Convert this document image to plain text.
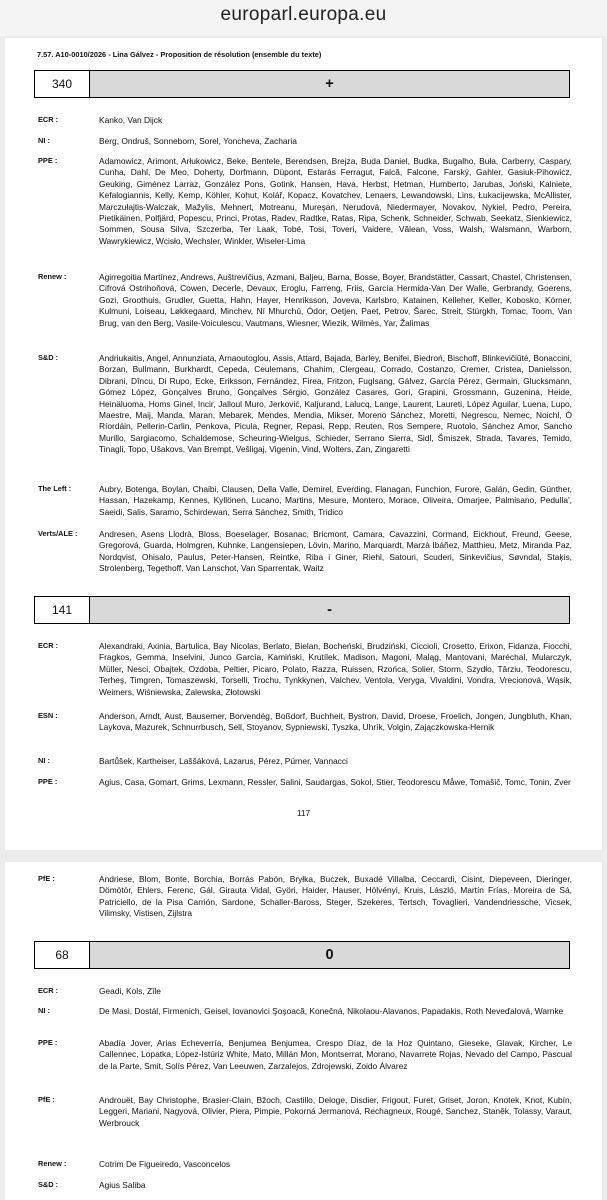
europarl.europa.eu
7.57. A10-0010/2026 - Lina Gálvez - Proposition de résolution (ensemble du texte)
340	+
ECR :	Kanko, Van Dijck
NI :	Berg, Ondruš, Sonneborn, Sorel, Yoncheva, Zacharia
PPE :	Adamowicz, Arimont, Arłukowicz, Beke, Bentele, Berendsen, Brejza, Buda Daniel, Budka, Bugalho, Buła, Carberry, Caspary, Cunha, Dahl, De Meo, Doherty, Dorfmann, Düpont, Estarás Ferragut, Falcă, Falcone, Farský, Gahler, Gasiuk-Pihowicz, Geuking, Giménez Larraz, González Pons, Gotink, Hansen, Hava, Herbst, Hetman, Humberto, Jarubas, Joński, Kalniete, Kefalogiannis, Kelly, Kemp, Köhler, Kohut, Kolář, Kopacz, Kovatchev, Lenaers, Lewandowski, Lins, Łukacijewska, McAllister, Marczułajtis-Walczak, Mažylis, Mehnert, Motreanu, Mureşan, Nerudová, Niedermayer, Novakov, Nykiel, Pedro, Pereira, Pietikäinen, Polfjärd, Popescu, Princi, Protas, Radev, Radtke, Ratas, Ripa, Schenk, Schneider, Schwab, Seekatz, Sienkiewicz, Sommen, Sousa Silva, Szczerba, Ter Laak, Tobé, Tosi, Toveri, Vaidere, Vălean, Voss, Walsh, Walsmann, Warborn, Wawrykiewicz, Wcisło, Wechsler, Winkler, Wiseler-Lima
Renew :	Agirregoitia Martínez, Andrews, Auštrevičius, Azmani, Baljeu, Barna, Bosse, Boyer, Brandstätter, Cassart, Chastel, Christensen, Cifrová Ostrihoňová, Cowen, Decerle, Devaux, Eroglu, Farreng, Friis, García Hermida-Van Der Walle, Gerbrandy, Goerens, Gozi, Groothuis, Grudler, Guetta, Hahn, Hayer, Henriksson, Joveva, Karlsbro, Katainen, Kelleher, Keller, Kobosko, Körner, Kulmuni, Loiseau, Løkkegaard, Minchev, Ní Mhurchú, Ódor, Oetjen, Paet, Petrov, Šarec, Streit, Stürgkh, Tomac, Toom, Van Brug, van den Berg, Vasile-Voiculescu, Vautmans, Wiesner, Wiezik, Wilmès, Yar, Žalimas
S&D :	Andriukaitis, Angel, Annunziata, Arnaoutoglou, Assis, Attard, Bajada, Barley, Benifei, Biedroń, Bischoff, Blinkevičiūtė, Bonaccini, Borzan, Bullmann, Burkhardt, Cepeda, Ceulemans, Chahim, Clergeau, Corrado, Costanzo, Cremer, Cristea, Danielsson, Dibrani, Dîncu, Di Rupo, Ecke, Eriksson, Fernández, Firea, Fritzon, Fuglsang, Gálvez, García Pérez, Germain, Glucksmann, Gómez López, Gonçalves Bruno, Gonçalves Sérgio, González Casares, Gori, Grapini, Grossmann, Guzenina, Heide, Heinäluoma, Homs Ginel, Incir, Jalloul Muro, Jerković, Kaljurand, Lalucq, Lange, Laurent, Laureti, López Aguilar, Luena, Lupo, Maestre, Maij, Manda, Maran, Mebarek, Mendes, Mendia, Mikser, Moreno Sánchez, Moretti, Negrescu, Nemec, Noichl, Ó Ríordáin, Pellerin-Carlin, Penkova, Picula, Regner, Repasi, Repp, Reuten, Ros Sempere, Ruotolo, Sánchez Amor, Sancho Murillo, Sargiacomo, Schaldemose, Scheuring-Wielgus, Schieder, Serrano Sierra, Sidl, Šmiszek, Strada, Tavares, Temido, Tinagli, Topo, Ušakovs, Van Brempt, Vešligaj, Vigenin, Vind, Wolters, Zan, Zingaretti
The Left :	Aubry, Botenga, Boylan, Chaibi, Clausen, Della Valle, Demirel, Everding, Flanagan, Funchion, Furore, Galán, Gedin, Günther, Hassan, Hazekamp, Kennes, Kyllönen, Lucano, Martins, Mesure, Montero, Morace, Oliveira, Omarjee, Palmisano, Pedulla', Saeidi, Salis, Saramo, Schirdewan, Serra Sánchez, Smith, Tridico
Verts/ALE :	Andresen, Asens Llodrà, Bloss, Boeselager, Bosanac, Bricmont, Camara, Cavazzini, Cormand, Eickhout, Freund, Geese, Gregorová, Guarda, Holmgren, Kuhnke, Langensiepen, Lövin, Marino, Marquardt, Marzà Ibáñez, Matthieu, Metz, Miranda Paz, Nordqvist, Ohisalo, Paulus, Peter-Hansen, Reintke, Riba i Giner, Riehl, Satouri, Scuderi, Sinkevičius, Søvndal, Staķis, Strolenberg, Tegethoff, Van Lanschot, Van Sparrentak, Waitz
141	-
ECR :	Alexandraki, Axinia, Bartulica, Bay Nicolas, Berlato, Bielan, Bocheński, Brudziński, Ciccioli, Crosetto, Erixon, Fidanza, Fiocchi, Fragkos, Gemma, Inselvini, Junco García, Kamiński, Krutílek, Madison, Magoni, Maląg, Mantovani, Maréchal, Mularczyk, Müller, Nesci, Obajtek, Ozdoba, Peltier, Picaro, Polato, Razza, Ruissen, Rzońca, Solier, Storm, Szydło, Târziu, Teodorescu, Terheş, Timgren, Tomaszewski, Torselli, Trochu, Tynkkynen, Valchev, Ventola, Veryga, Vivaldini, Vondra, Vrecionová, Wąsik, Weimers, Wiśniewska, Zalewska, Złotowski
ESN :	Anderson, Arndt, Aust, Bausemer, Borvendég, Boßdorf, Buchheit, Bystron, David, Droese, Froelich, Jongen, Jungbluth, Khan, Laykova, Mazurek, Schnurrbusch, Sell, Stoyanov, Sypniewski, Tyszka, Uhrík, Volgin, Zajączkowska-Hernik
NI :	Bartůšek, Kartheiser, Laššáková, Lazarus, Pérez, Pürner, Vannacci
PPE :	Agius, Casa, Gomart, Grims, Lexmann, Ressler, Salini, Saudargas, Sokol, Stier, Teodorescu Måwe, Tomašič, Tomc, Tonin, Zver
117
PfE :	Andriese, Blom, Bonte, Borchia, Borrás Pabón, Bryłka, Buczek, Buxadé Villalba, Ceccardi, Cisint, Diepeveen, Dieringer, Dömötör, Ehlers, Ferenc, Gál, Girauta Vidal, Györi, Haider, Hauser, Hölvényi, Kruis, László, Martín Frías, Moreira de Sá, Patriciello, de la Pisa Carrión, Sardone, Schaller-Baross, Steger, Szekeres, Tertsch, Tovaglieri, Vandendriessche, Vicsek, Vilimsky, Vistisen, Zijlstra
68	0
ECR :	Geadi, Kols, Zīle
NI :	De Masi, Dostál, Firmenich, Geisel, Iovanovici Şoşoacă, Konečná, Nikolaou-Alavanos, Papadakis, Roth Neveďalová, Warnke
PPE :	Abadía Jover, Arias Echeverría, Benjumea Benjumea, Crespo Díaz, de la Hoz Quintano, Gieseke, Glavak, Kircher, Le Callennec, Lopatka, López-Istúriz White, Mato, Millán Mon, Montserrat, Morano, Navarrete Rojas, Nevado del Campo, Pascual de la Parte, Smit, Solís Pérez, Van Leeuwen, Zarzalejos, Zdrojewski, Zoido Álvarez
PfE :	Androuët, Bay Christophe, Brasier-Clain, Bžoch, Castillo, Deloge, Disdier, Frigout, Furet, Griset, Joron, Knotek, Knot, Kubín, Leggeri, Mariani, Nagyová, Olivier, Piera, Pimpie, Pokorná Jermanová, Rechagneux, Rougé, Sanchez, Staněk, Tolassy, Varaut, Werbrouck
Renew :	Cotrim De Figueiredo, Vasconcelos
S&D :	Agius Saliba
